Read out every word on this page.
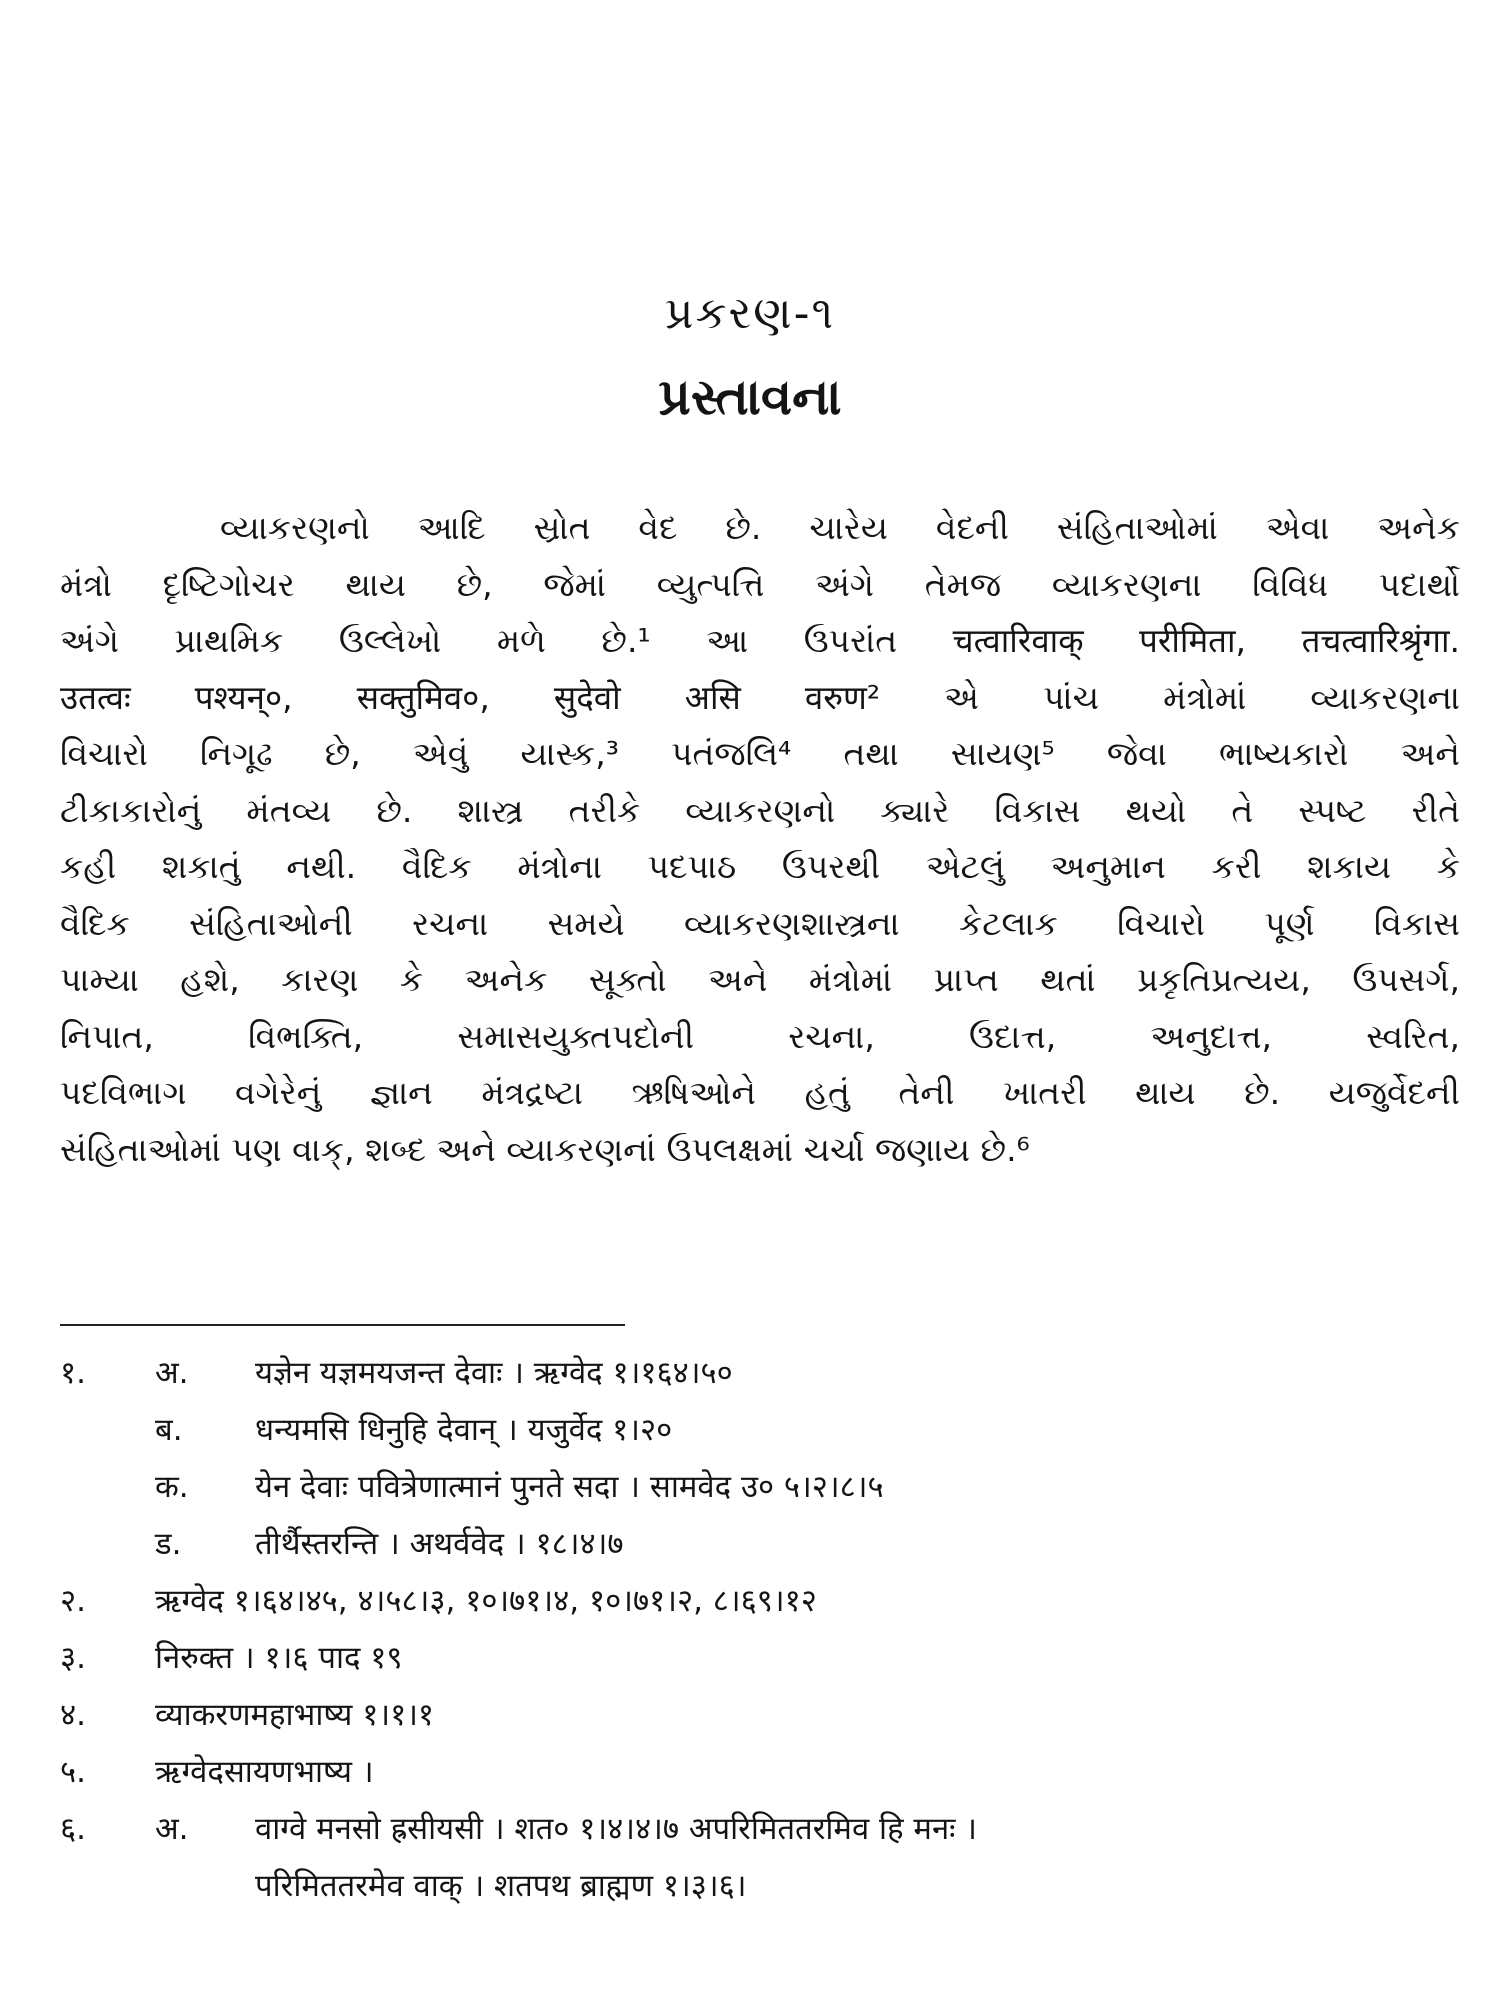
પ્રકરણ-૧
પ્રસ્તાવના
વ્યાકરણનો આદિ સ્રોત વેદ છે. ચારેય વેદની સંહિતાઓમાં એવા અનેક
મંત્રો દૃષ્ટિગોચર થાય છે, જેમાં વ્યુત્પત્તિ અંગે તેમજ વ્યાકરણના વિવિધ પદાર્થો
અંગે પ્રાથમિક ઉલ્લેખો મળે છે.¹ આ ઉપરાંત चत्वारिवाक् परीमिता, तचत्वारिश्रृंगा.
उतत्वः पश्यन्०, सक्तुमिव०, सुदेवो असि वरुण² એ પાંચ મંત્રોમાં વ્યાકરણના
વિચારો નિગૂઢ છે, એવું યાસ્ક,³ પતંજલિ⁴ તથા સાયણ⁵ જેવા ભાષ્યકારો અને
ટીકાકારોનું મંતવ્ય છે. શાસ્ત્ર તરીકે વ્યાકરણનો ક્યારે વિકાસ થયો તે સ્પષ્ટ રીતે
કહી શકાતું નથી. વૈદિક મંત્રોના પદપાઠ ઉપરથી એટલું અનુમાન કરી શકાય કે
વૈદિક સંહિતાઓની રચના સમયે વ્યાકરણશાસ્ત્રના કેટલાક વિચારો પૂર્ણ વિકાસ
પામ્યા હશે, કારણ કે અનેક સૂક્તો અને મંત્રોમાં પ્રાપ્ત થતાં પ્રકૃતિપ્રત્યય, ઉપસર્ગ,
નિપાત, વિભક્તિ, સમાસયુક્તપદોની રચના, ઉદાત્ત, અનુદાત્ત, સ્વરિત,
પદવિભાગ વગેરેનું જ્ઞાન મંત્રદ્રષ્ટા ઋષિઓને હતું તેની ખાતરી થાય છે. યજુર્વેદની
સંહિતાઓમાં પણ વાક્, શબ્દ અને વ્યાકરણનાં ઉપલક્ષમાં ચર્ચા જણાય છે.⁶
१. अ. यज्ञेन यज्ञमयजन्त देवाः । ऋग्वेद १।१६४।५०
ब. धन्यमसि धिनुहि देवान् । यजुर्वेद १।२०
क. येन देवाः पवित्रेणात्मानं पुनते सदा । सामवेद उ० ५।२।८।५
ड. तीर्थैस्तरन्ति । अथर्ववेद । १८।४।७
२. ऋग्वेद १।६४।४५, ४।५८।३, १०।७१।४, १०।७१।२, ८।६९।१२
३. निरुक्त । १।६ पाद १९
४. व्याकरणमहाभाष्य १।१।१
५. ऋग्वेदसायणभाष्य ।
६. अ. वाग्वे मनसो ह्रसीयसी । शत० १।४।४।७ अपरिमिततरमिव हि मनः ।
परिमिततरमेव वाक् । शतपथ ब्राह्मण १।३।६।
